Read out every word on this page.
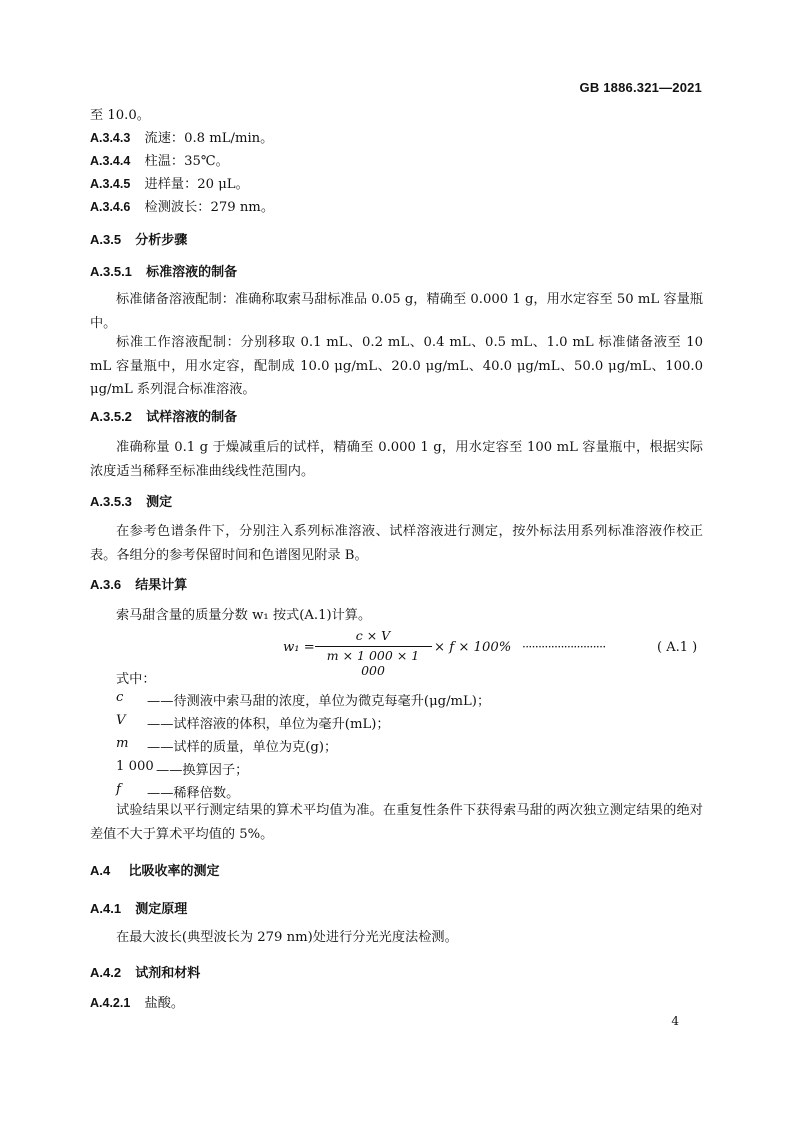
GB 1886.321—2021
至 10.0。
A.3.4.3 流速：0.8 mL/min。
A.3.4.4 柱温：35℃。
A.3.4.5 进样量：20 μL。
A.3.4.6 检测波长：279 nm。
A.3.5 分析步骤
A.3.5.1 标准溶液的制备
标准储备溶液配制：准确称取索马甜标准品 0.05 g，精确至 0.000 1 g，用水定容至 50 mL 容量瓶中。
标准工作溶液配制：分别移取 0.1 mL、0.2 mL、0.4 mL、0.5 mL、1.0 mL 标准储备液至 10 mL 容量瓶中，用水定容，配制成 10.0 μg/mL、20.0 μg/mL、40.0 μg/mL、50.0 μg/mL、100.0 μg/mL 系列混合标准溶液。
A.3.5.2 试样溶液的制备
准确称量 0.1 g 于燥减重后的试样，精确至 0.000 1 g，用水定容至 100 mL 容量瓶中，根据实际浓度适当稀释至标准曲线线性范围内。
A.3.5.3 测定
在参考色谱条件下，分别注入系列标准溶液、试样溶液进行测定，按外标法用系列标准溶液作校正表。各组分的参考保留时间和色谱图见附录 B。
A.3.6 结果计算
索马甜含量的质量分数 w₁ 按式(A.1)计算。
w₁ =
c × V
m × 1 000 × 1 000
× f × 100% ··························	( A.1 )
式中：
c ——待测液中索马甜的浓度，单位为微克每毫升(μg/mL)；
V ——试样溶液的体积，单位为毫升(mL)；
m ——试样的质量，单位为克(g)；
1 000 ——换算因子；
f ——稀释倍数。
试验结果以平行测定结果的算术平均值为准。在重复性条件下获得索马甜的两次独立测定结果的绝对差值不大于算术平均值的 5%。
A.4 比吸收率的测定
A.4.1 测定原理
在最大波长(典型波长为 279 nm)处进行分光光度法检测。
A.4.2 试剂和材料
A.4.2.1 盐酸。
4
